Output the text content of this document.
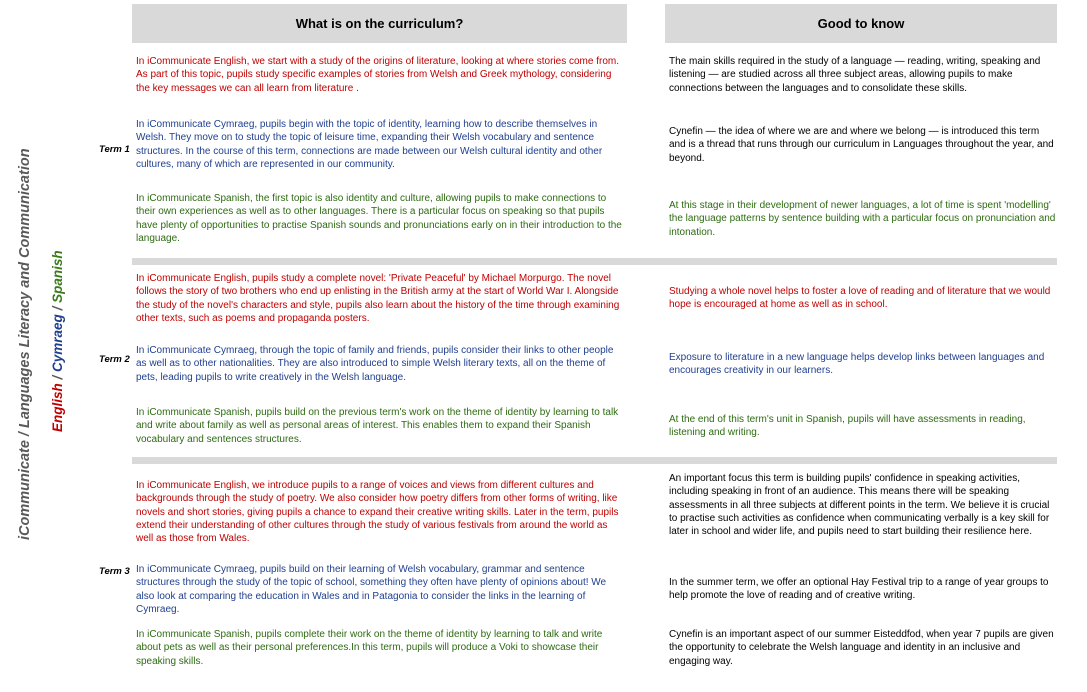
iCommunicate / Languages Literacy and Communication English / Cymraeg / Spanish
What is on the curriculum?	Good to know
Term 1
In iCommunicate English, we start with a study of the origins of literature, looking at where stories come from. As part of this topic, pupils study specific examples of stories from Welsh and Greek mythology, considering the key messages we can all learn from literature .
In iCommunicate Cymraeg, pupils begin with the topic of identity, learning how to describe themselves in Welsh. They move on to study the topic of leisure time, expanding their Welsh vocabulary and sentence structures. In the course of this term, connections are made between our Welsh cultural identity and other cultures, many of which are represented in our community.
In iCommunicate Spanish, the first topic is also identity and culture, allowing pupils to make connections to their own experiences as well as to other languages. There is a particular focus on speaking so that pupils have plenty of opportunities to practise Spanish sounds and pronunciations early on in their introduction to the language.
The main skills required in the study of a language — reading, writing, speaking and listening — are studied across all three subject areas, allowing pupils to make connections between the languages and to consolidate these skills.
Cynefin — the idea of where we are and where we belong — is introduced this term and is a thread that runs through our curriculum in Languages throughout the year, and beyond.
At this stage in their development of newer languages, a lot of time is spent 'modelling' the language patterns by sentence building with a particular focus on pronunciation and intonation.
Term 2
In iCommunicate English, pupils study a complete novel: 'Private Peaceful' by Michael Morpurgo. The novel follows the story of two brothers who end up enlisting in the British army at the start of World War I. Alongside the study of the novel's characters and style, pupils also learn about the history of the time through examining other texts, such as poems and propaganda posters.
In iCommunicate Cymraeg, through the topic of family and friends, pupils consider their links to other people as well as to other nationalities. They are also introduced to simple Welsh literary texts, all on the theme of pets, leading pupils to write creatively in the Welsh language.
In iCommunicate Spanish, pupils build on the previous term's work on the theme of identity by learning to talk and write about family as well as personal areas of interest. This enables them to expand their Spanish vocabulary and sentences structures.
Studying a whole novel helps to foster a love of reading and of literature that we would hope is encouraged at home as well as in school.
Exposure to literature in a new language helps develop links between languages and encourages creativity in our learners.
At the end of this term's unit in Spanish, pupils will have assessments in reading, listening and writing.
Term 3
In iCommunicate English, we introduce pupils to a range of voices and views from different cultures and backgrounds through the study of poetry. We also consider how poetry differs from other forms of writing, like novels and short stories, giving pupils a chance to expand their creative writing skills. Later in the term, pupils extend their understanding of other cultures through the study of various festivals from around the world as well as those from Wales.
In iCommunicate Cymraeg, pupils build on their learning of Welsh vocabulary, grammar and sentence structures through the study of the topic of school, something they often have plenty of opinions about! We also look at comparing the education in Wales and in Patagonia to consider the links in the learning of Cymraeg.
In iCommunicate Spanish, pupils complete their work on the theme of identity by learning to talk and write about pets as well as their personal preferences.In this term, pupils will produce a Voki to showcase their speaking skills.
An important focus this term is building pupils' confidence in speaking activities, including speaking in front of an audience. This means there will be speaking assessments in all three subjects at different points in the term. We believe it is crucial to practise such activities as confidence when communicating verbally is a key skill for later in school and wider life, and pupils need to start building their resilience here.
In the summer term, we offer an optional Hay Festival trip to a range of year groups to help promote the love of reading and of creative writing.
Cynefin is an important aspect of our summer Eisteddfod, when year 7 pupils are given the opportunity to celebrate the Welsh language and identity in an inclusive and engaging way.
